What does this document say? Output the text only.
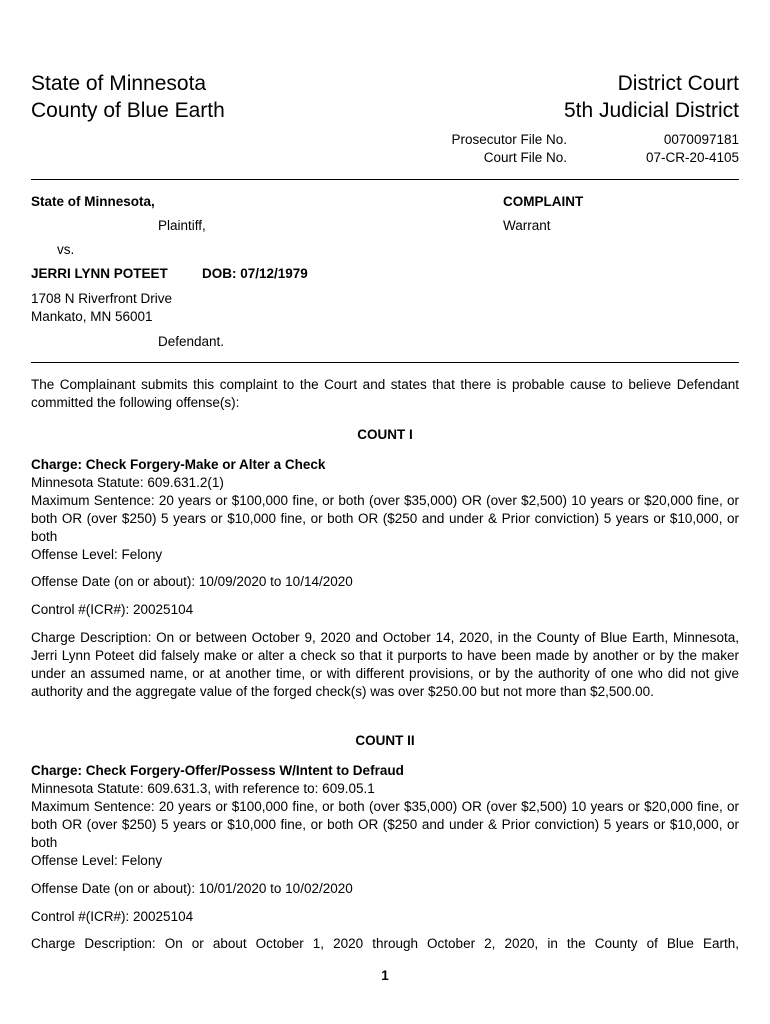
State of Minnesota
County of Blue Earth
District Court
5th Judicial District
Prosecutor File No.	0070097181
Court File No.	07-CR-20-4105
State of Minnesota,
Plaintiff,
vs.
JERRI LYNN POTEET	DOB: 07/12/1979
1708 N Riverfront Drive
Mankato, MN 56001
Defendant.
COMPLAINT
Warrant
The Complainant submits this complaint to the Court and states that there is probable cause to believe Defendant committed the following offense(s):
COUNT I
Charge: Check Forgery-Make or Alter a Check
Minnesota Statute: 609.631.2(1)
Maximum Sentence: 20 years or $100,000 fine, or both (over $35,000) OR (over $2,500) 10 years or $20,000 fine, or both OR (over $250) 5 years or $10,000 fine, or both OR ($250 and under & Prior conviction) 5 years or $10,000, or both
Offense Level: Felony
Offense Date (on or about): 10/09/2020 to 10/14/2020
Control #(ICR#): 20025104
Charge Description: On or between October 9, 2020 and October 14, 2020, in the County of Blue Earth, Minnesota, Jerri Lynn Poteet did falsely make or alter a check so that it purports to have been made by another or by the maker under an assumed name, or at another time, or with different provisions, or by the authority of one who did not give authority and the aggregate value of the forged check(s) was over $250.00 but not more than $2,500.00.
COUNT II
Charge: Check Forgery-Offer/Possess W/Intent to Defraud
Minnesota Statute: 609.631.3, with reference to: 609.05.1
Maximum Sentence: 20 years or $100,000 fine, or both (over $35,000) OR (over $2,500) 10 years or $20,000 fine, or both OR (over $250) 5 years or $10,000 fine, or both OR ($250 and under & Prior conviction) 5 years or $10,000, or both
Offense Level: Felony
Offense Date (on or about): 10/01/2020 to 10/02/2020
Control #(ICR#): 20025104
Charge Description: On or about October 1, 2020 through October 2, 2020, in the County of Blue Earth,
1
